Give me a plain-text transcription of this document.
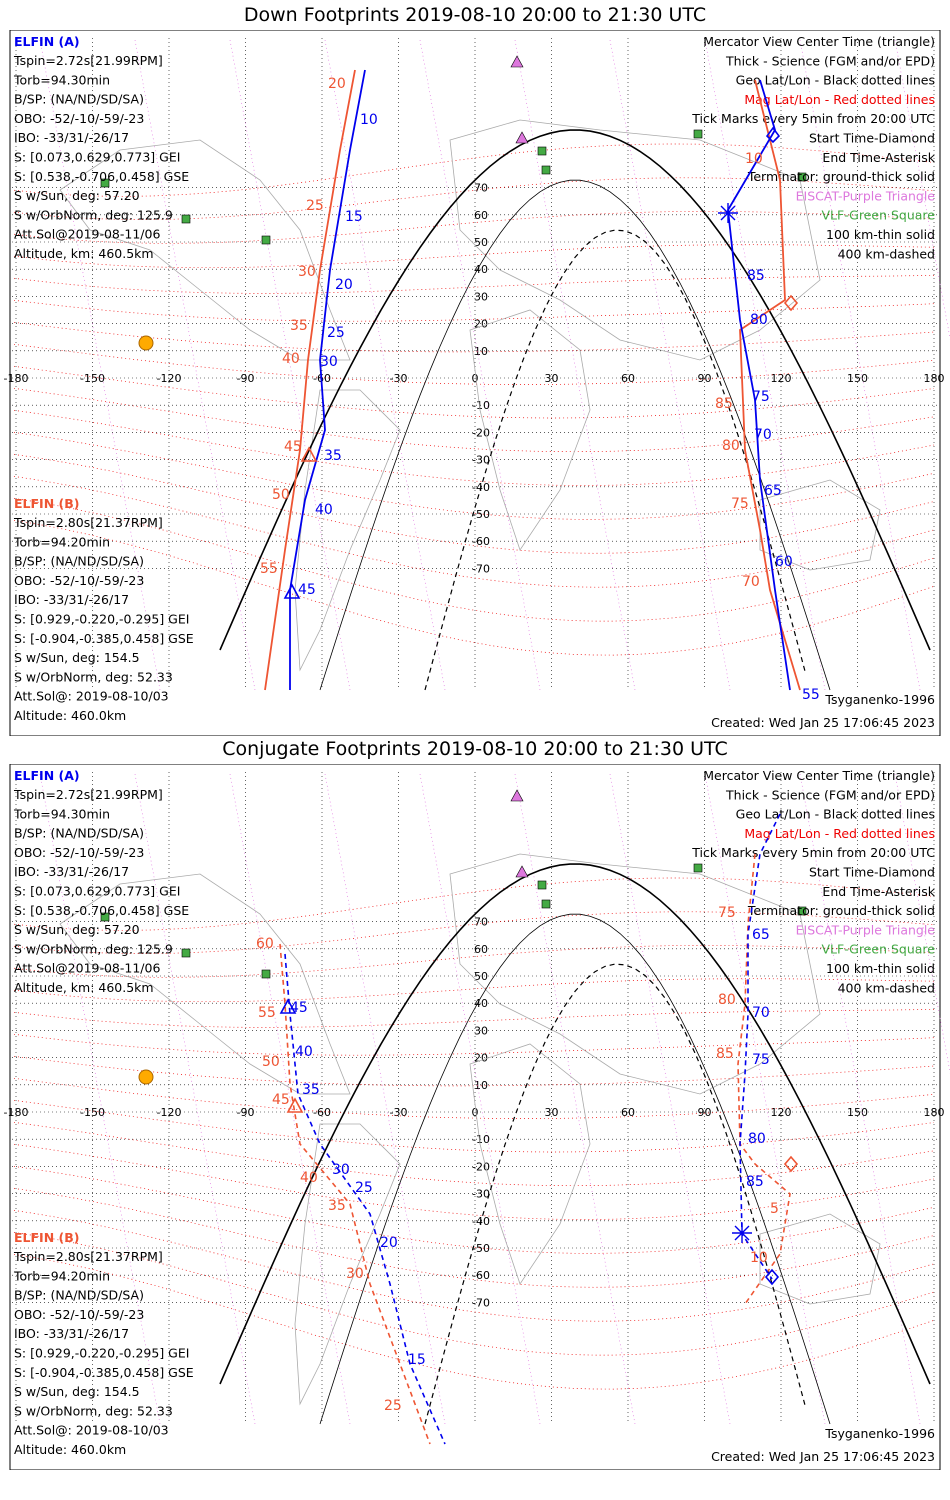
Down Footprints 2019-08-10 20:00 to 21:30 UTC
Conjugate Footprints 2019-08-10 20:00 to 21:30 UTC
-180	-150	-120	-90	-60	-30	0	30	60	90	120	150	180
70
60
50
40
30
20
10
-10
-20
-30
-40
-50
-60
-70
Mercator View Center Time (triangle)
Thick - Science (FGM and/or EPD)
Geo Lat/Lon - Black dotted lines
Mag Lat/Lon - Red dotted lines
Tick Marks every 5min from 20:00 UTC
Start Time-Diamond
End Time-Asterisk
Terminator: ground-thick solid
EISCAT-Purple Triangle
VLF-Green Square
100 km-thin solid
400 km-dashed
ELFIN (A)
Tspin=2.72s[21.99RPM]
Torb=94.30min
B/SP: (NA/ND/SD/SA)
OBO: -52/-10/-59/-23
IBO: -33/31/-26/17
S: [0.073,0.629,0.773] GEI
S: [0.538,-0.706,0.458] GSE
S w/Sun, deg: 57.20
S w/OrbNorm, deg: 125.9
Att.Sol@2019-08-11/06
Altitude, km: 460.5km
ELFIN (B)
Tspin=2.80s[21.37RPM]
Torb=94.20min
B/SP: (NA/ND/SD/SA)
OBO: -52/-10/-59/-23
IBO: -33/31/-26/17
S: [0.929,-0.220,-0.295] GEI
S: [-0.904,-0.385,0.458] GSE
S w/Sun, deg: 154.5
S w/OrbNorm, deg: 52.33
Att.Sol@: 2019-08-10/03
Altitude: 460.0km
Tsyganenko-1996
Created: Wed Jan 25 17:06:45 2023
10
15
20
25
30
35
40
45
55
60
65
70
75
80
85
20
25
30
35
40
45
50
55
70
75
80
85
10
-180	-150	-120	-90	-60	-30	0	30	60	90	120	150	180
70
60
50
40
30
20
10
-10
-20
-30
-40
-50
-60
-70
Mercator View Center Time (triangle)
Thick - Science (FGM and/or EPD)
Geo Lat/Lon - Black dotted lines
Mag Lat/Lon - Red dotted lines
Tick Marks every 5min from 20:00 UTC
Start Time-Diamond
End Time-Asterisk
Terminator: ground-thick solid
EISCAT-Purple Triangle
VLF-Green Square
100 km-thin solid
400 km-dashed
ELFIN (A)
Tspin=2.72s[21.99RPM]
Torb=94.30min
B/SP: (NA/ND/SD/SA)
OBO: -52/-10/-59/-23
IBO: -33/31/-26/17
S: [0.073,0.629,0.773] GEI
S: [0.538,-0.706,0.458] GSE
S w/Sun, deg: 57.20
S w/OrbNorm, deg: 125.9
Att.Sol@2019-08-11/06
Altitude, km: 460.5km
ELFIN (B)
Tspin=2.80s[21.37RPM]
Torb=94.20min
B/SP: (NA/ND/SD/SA)
OBO: -52/-10/-59/-23
IBO: -33/31/-26/17
S: [0.929,-0.220,-0.295] GEI
S: [-0.904,-0.385,0.458] GSE
S w/Sun, deg: 154.5
S w/OrbNorm, deg: 52.33
Att.Sol@: 2019-08-10/03
Altitude: 460.0km
Tsyganenko-1996
Created: Wed Jan 25 17:06:45 2023
45
40
35
30
25
20
15
65
70
75
80
85
60
55
50
45
40
35
30
25
75
80
85
5
10
